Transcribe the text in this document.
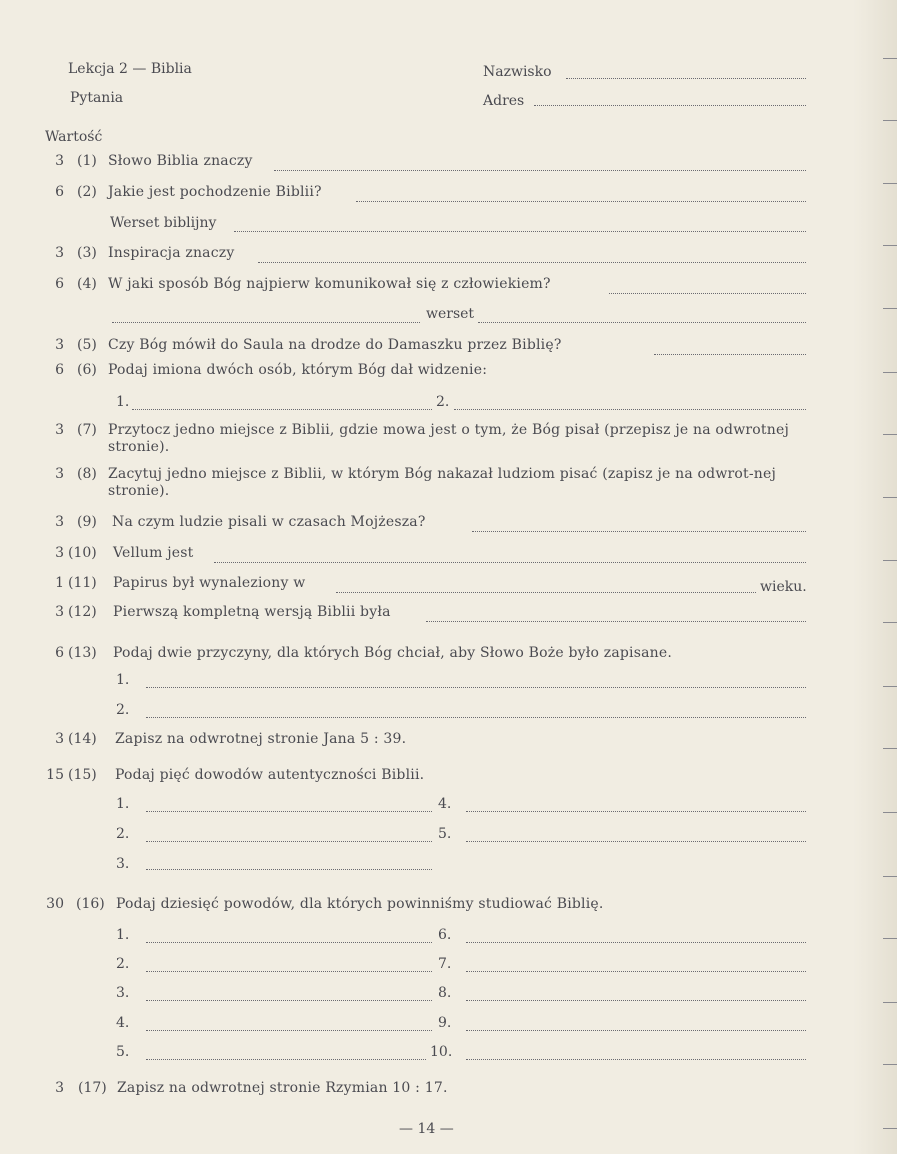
Lekcja 2 — Biblia
Pytania
Nazwisko
Adres
Wartość
3 (1) Słowo Biblia znaczy
6 (2) Jakie jest pochodzenie Biblii?
Werset biblijny
3 (3) Inspiracja znaczy
6 (4) W jaki sposób Bóg najpierw komunikował się z człowiekiem?
werset
3 (5) Czy Bóg mówił do Saula na drodze do Damaszku przez Biblię?
6 (6) Podaj imiona dwóch osób, którym Bóg dał widzenie:
1.	2.
3 (7) Przytocz jedno miejsce z Biblii, gdzie mowa jest o tym, że Bóg pisał (przepisz je na odwrotnej stronie).
3 (8) Zacytuj jedno miejsce z Biblii, w którym Bóg nakazał ludziom pisać (zapisz je na odwrot-nej stronie).
3 (9) Na czym ludzie pisali w czasach Mojżesza?
3 (10) Vellum jest
1 (11) Papirus był wynaleziony w	wieku.
3 (12) Pierwszą kompletną wersją Biblii była
6 (13) Podaj dwie przyczyny, dla których Bóg chciał, aby Słowo Boże było zapisane.
1.
2.
3 (14) Zapisz na odwrotnej stronie Jana 5 : 39.
15 (15) Podaj pięć dowodów autentyczności Biblii.
1.	4.
2.	5.
3.
30 (16) Podaj dziesięć powodów, dla których powinniśmy studiować Biblię.
1.	6.
2.	7.
3.	8.
4.	9.
5.	10.
3 (17) Zapisz na odwrotnej stronie Rzymian 10 : 17.
— 14 —
